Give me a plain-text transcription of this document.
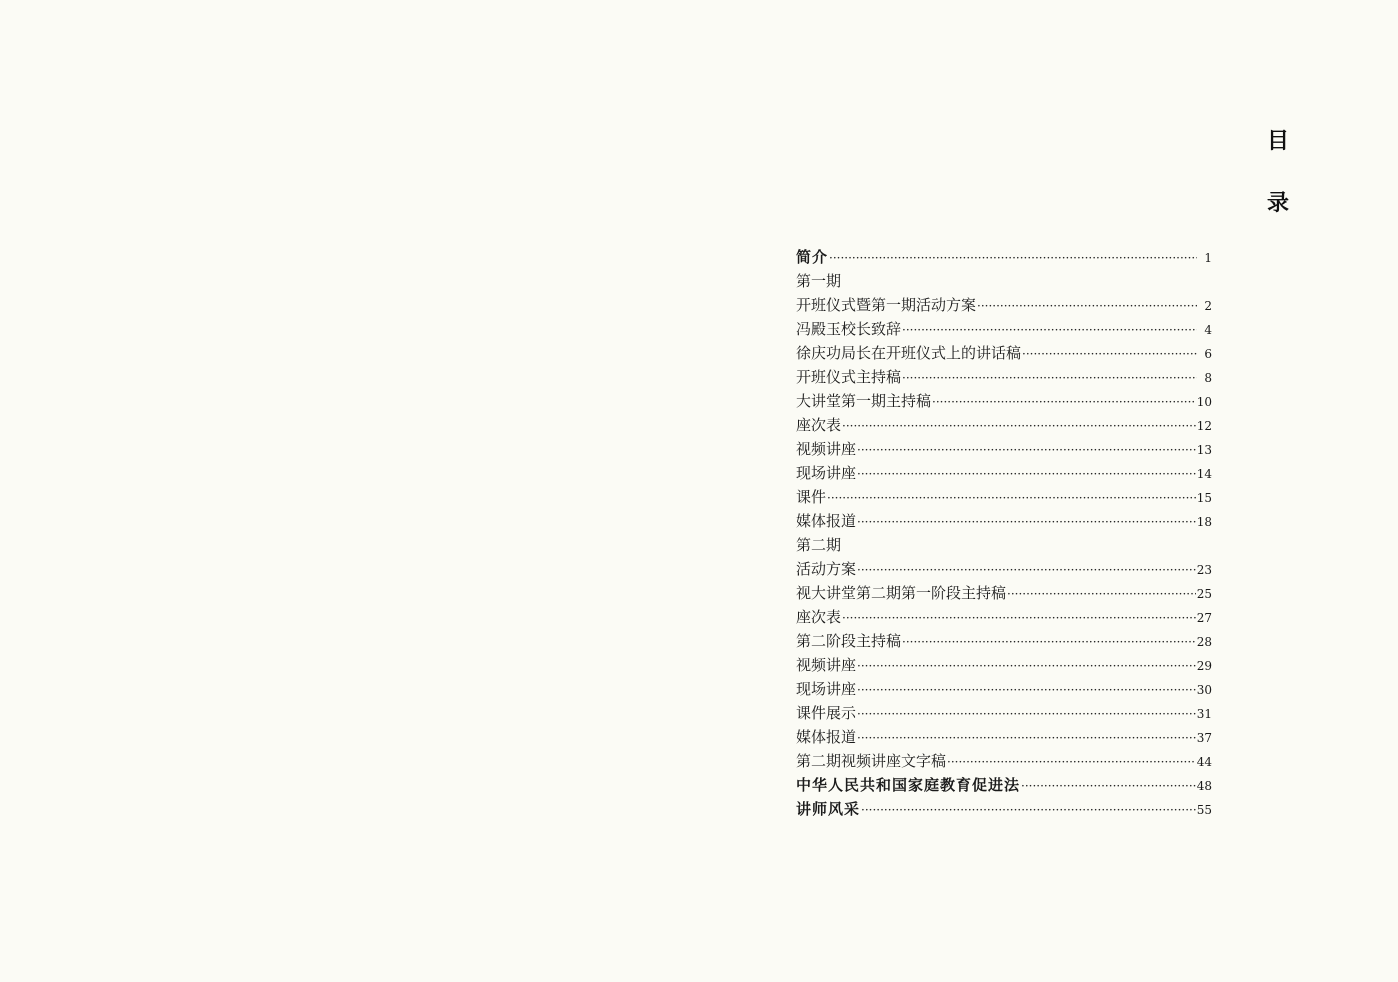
目
录
简介 ·····	1
第一期
开班仪式暨第一期活动方案 ·····	2
冯殿玉校长致辞 ·····	4
徐庆功局长在开班仪式上的讲话稿 ·····	6
开班仪式主持稿 ·····	8
大讲堂第一期主持稿 ·····	10
座次表 ·····	12
视频讲座 ·····	13
现场讲座 ·····	14
课件 ·····	15
媒体报道 ·····	18
第二期
活动方案 ·····	23
视大讲堂第二期第一阶段主持稿 ·····	25
座次表 ·····	27
第二阶段主持稿 ·····	28
视频讲座 ·····	29
现场讲座 ·····	30
课件展示 ·····	31
媒体报道 ·····	37
第二期视频讲座文字稿 ·····	44
中华人民共和国家庭教育促进法 ·····	48
讲师风采 ·····	55
